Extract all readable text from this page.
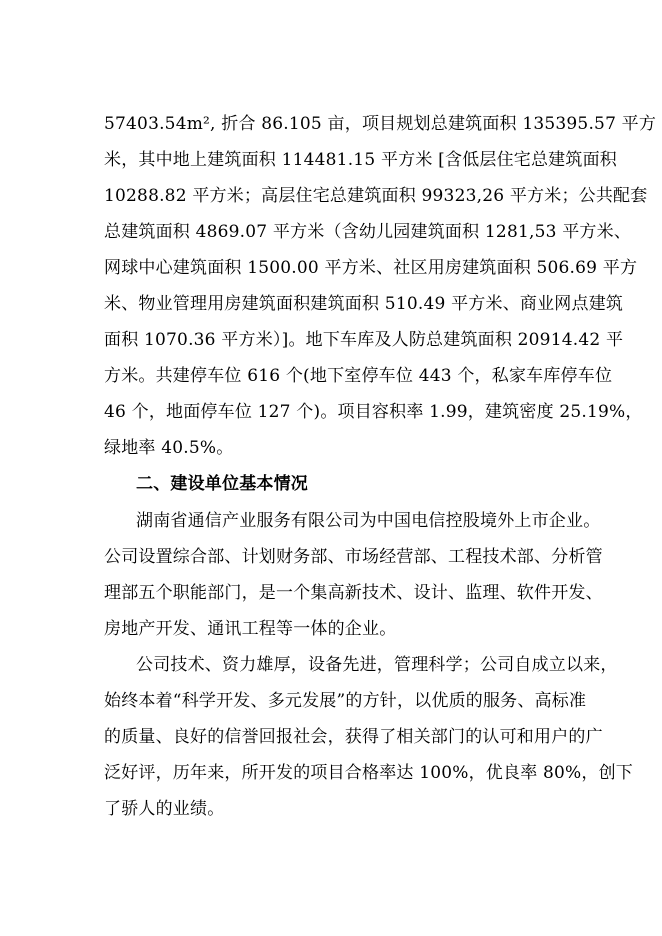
57403.54m², 折合 86.105 亩，项目规划总建筑面积 135395.57 平方
米，其中地上建筑面积 114481.15 平方米 [含低层住宅总建筑面积
10288.82 平方米；高层住宅总建筑面积 99323,26 平方米；公共配套
总建筑面积 4869.07 平方米（含幼儿园建筑面积 1281,53 平方米、
网球中心建筑面积 1500.00 平方米、社区用房建筑面积 506.69 平方
米、物业管理用房建筑面积建筑面积 510.49 平方米、商业网点建筑
面积 1070.36 平方米）]。地下车库及人防总建筑面积 20914.42 平
方米。共建停车位 616 个(地下室停车位 443 个，私家车库停车位
46 个，地面停车位 127 个)。项目容积率 1.99，建筑密度 25.19%，
绿地率 40.5%。
二、建设单位基本情况
湖南省通信产业服务有限公司为中国电信控股境外上市企业。
公司设置综合部、计划财务部、市场经营部、工程技术部、分析管
理部五个职能部门，是一个集高新技术、设计、监理、软件开发、
房地产开发、通讯工程等一体的企业。
公司技术、资力雄厚，设备先进，管理科学；公司自成立以来，
始终本着“科学开发、多元发展”的方针，以优质的服务、高标准
的质量、良好的信誉回报社会，获得了相关部门的认可和用户的广
泛好评，历年来，所开发的项目合格率达 100%，优良率 80%，创下
了骄人的业绩。
